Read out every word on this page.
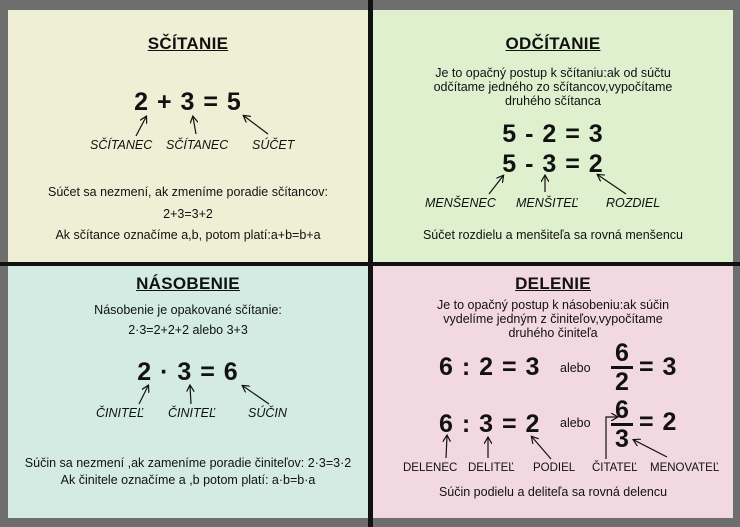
SČÍTANIE
2 + 3 = 5
SČÍTANEC SČÍTANEC SÚČET
Súčet sa nezmení, ak zmeníme poradie sčítancov:
2+3=3+2
Ak sčítance označíme a,b, potom platí:a+b=b+a
ODČÍTANIE
Je to opačný postup k sčítaniu:ak od súčtu
odčítame jedného zo sčítancov,vypočítame
druhého sčítanca
5 - 2 = 3
5 - 3 = 2
MENŠENEC MENŠITEĽ ROZDIEL
Súčet rozdielu a menšiteľa sa rovná menšencu
NÁSOBENIE
Násobenie je opakované sčítanie:
2·3=2+2+2 alebo 3+3
2 · 3 = 6
ČINITEĽ ČINITEĽ	SÚČIN
Súčin sa nezmení ,ak zameníme poradie činiteľov: 2·3=3·2
Ak činitele označíme a ,b potom platí: a·b=b·a
DELENIE
Je to opačný postup k násobeniu:ak súčin
vydelíme jedným z činiteľov,vypočítame
druhého činiteľa
6 : 2 = 3 alebo
6
2
= 3
6 : 3 = 2 alebo 6
3
= 2
DELENEC DELITEĽ PODIEL ČITATEĽ MENOVATEĽ
Súčin podielu a deliteľa sa rovná delencu
